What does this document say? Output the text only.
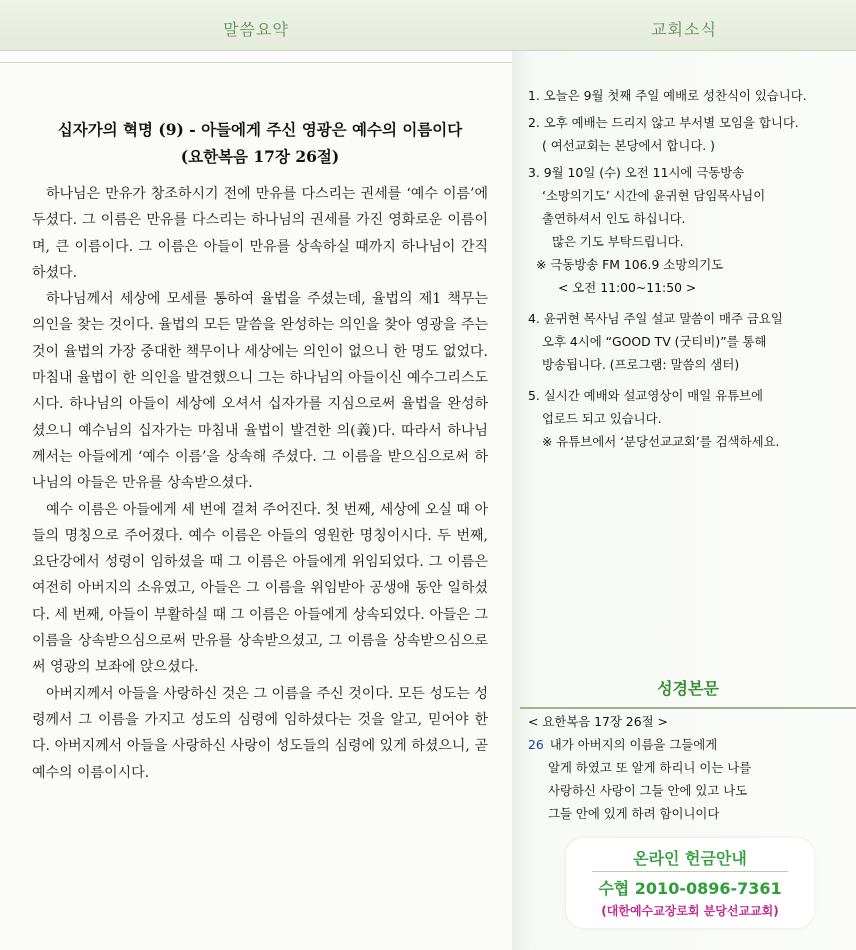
말씀요약
십자가의 혁명 (9) - 아들에게 주신 영광은 예수의 이름이다
(요한복음 17장 26절)

하나님은 만유가 창조하시기 전에 만유를 다스리는 권세를 ‘예수 이름’에 두셨다. 그 이름은 만유를 다스리는 하나님의 권세를 가진 영화로운 이름이며, 큰 이름이다. 그 이름은 아들이 만유를 상속하실 때까지 하나님이 간직하셨다.

하나님께서 세상에 모세를 통하여 율법을 주셨는데, 율법의 제1 책무는 의인을 찾는 것이다. 율법의 모든 말씀을 완성하는 의인을 찾아 영광을 주는 것이 율법의 가장 중대한 책무이나 세상에는 의인이 없으니 한 명도 없었다. 마침내 율법이 한 의인을 발견했으니 그는 하나님의 아들이신 예수그리스도시다. 하나님의 아들이 세상에 오셔서 십자가를 지심으로써 율법을 완성하셨으니 예수님의 십자가는 마침내 율법이 발견한 의(義)다. 따라서 하나님께서는 아들에게 ‘예수 이름’을 상속해 주셨다. 그 이름을 받으심으로써 하나님의 아들은 만유를 상속받으셨다.

예수 이름은 아들에게 세 번에 걸쳐 주어진다. 첫 번째, 세상에 오실 때 아들의 명칭으로 주어졌다. 예수 이름은 아들의 영원한 명칭이시다. 두 번째, 요단강에서 성령이 임하셨을 때 그 이름은 아들에게 위임되었다. 그 이름은 여전히 아버지의 소유였고, 아들은 그 이름을 위임받아 공생애 동안 일하셨다. 세 번째, 아들이 부활하실 때 그 이름은 아들에게 상속되었다. 아들은 그 이름을 상속받으심으로써 만유를 상속받으셨고, 그 이름을 상속받으심으로써 영광의 보좌에 앉으셨다.

아버지께서 아들을 사랑하신 것은 그 이름을 주신 것이다. 모든 성도는 성령께서 그 이름을 가지고 성도의 심령에 임하셨다는 것을 알고, 믿어야 한다. 아버지께서 아들을 사랑하신 사랑이 성도들의 심령에 있게 하셨으니, 곧 예수의 이름이시다.

교회소식
1. 오늘은 9월 첫째 주일 예배로 성찬식이 있습니다.
2. 오후 예배는 드리지 않고 부서별 모임을 합니다.
( 여선교회는 본당에서 합니다. )
3. 9월 10일 (수) 오전 11시에 극동방송
‘소망의기도’ 시간에 윤귀현 담임목사님이
출연하셔서 인도 하십니다.
많은 기도 부탁드립니다.
※ 극동방송 FM 106.9 소망의기도
< 오전 11:00~11:50 >
4. 윤귀현 목사님 주일 설교 말씀이 매주 금요일
오후 4시에 “GOOD TV (굿티비)”를 통해
방송됩니다. (프로그램: 말씀의 샘터)
5. 실시간 예배와 설교영상이 매일 유튜브에
업로드 되고 있습니다.
※ 유튜브에서 ‘분당선교교회’를 검색하세요.
성경본문
< 요한복음 17장 26절 >
26 내가 아버지의 이름을 그들에게
알게 하였고 또 알게 하리니 이는 나를
사랑하신 사랑이 그들 안에 있고 나도
그들 안에 있게 하려 함이니이다
온라인 헌금안내
수협 2010-0896-7361
(대한예수교장로회 분당선교교회)
